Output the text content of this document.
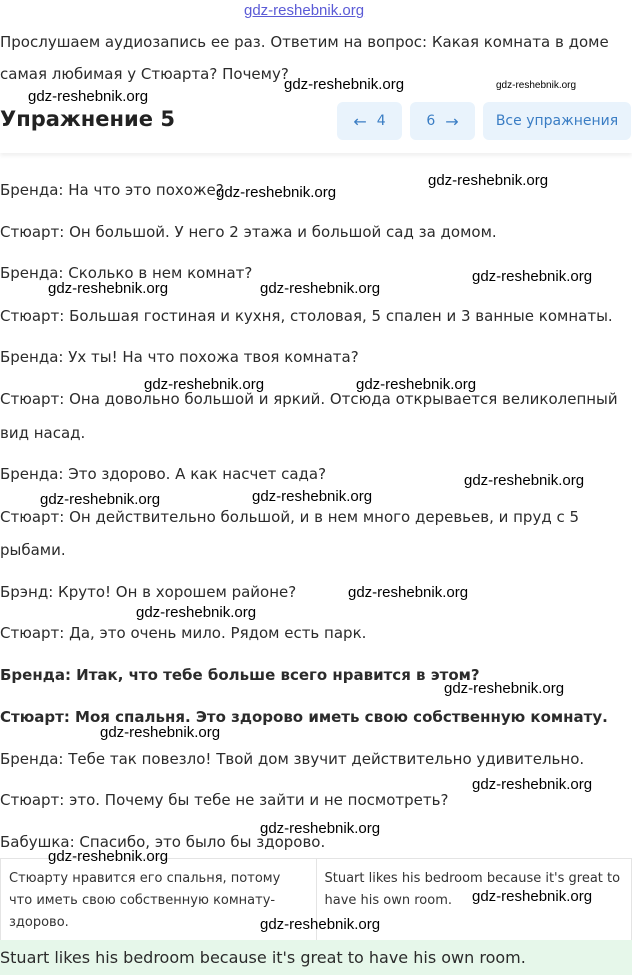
gdz-reshebnik.org
Прослушаем аудиозапись ее раз. Ответим на вопрос: Какая комната в доме
самая любимая у Стюарта? Почему?
Упражнение 5	← 4	6 →	Все упражнения
Бренда: На что это похоже?
Стюарт: Он большой. У него 2 этажа и большой сад за домом.
Бренда: Сколько в нем комнат?
Стюарт: Большая гостиная и кухня, столовая, 5 спален и 3 ванные комнаты.
Бренда: Ух ты! На что похожа твоя комната?
Стюарт: Она довольно большой и яркий. Отсюда открывается великолепный
вид насад.
Бренда: Это здорово. А как насчет сада?
Стюарт: Он действительно большой, и в нем много деревьев, и пруд с 5
рыбами.
Брэнд: Круто! Он в хорошем районе?
Стюарт: Да, это очень мило. Рядом есть парк.
Бренда: Итак, что тебе больше всего нравится в этом?
Стюарт: Моя спальня. Это здорово иметь свою собственную комнату.
Бренда: Тебе так повезло! Твой дом звучит действительно удивительно.
Стюарт: это. Почему бы тебе не зайти и не посмотреть?
Бабушка: Спасибо, это было бы здорово.
Стюарту нравится его спальня, потому что иметь свою собственную комнату-здорово.	Stuart likes his bedroom because it's great to have his own room.
Stuart likes his bedroom because it's great to have his own room.
gdz-reshebnik.org
gdz-reshebnik.org	gdz-reshebnik.org
gdz-reshebnik.org
gdz-reshebnik.org
gdz-reshebnik.org
gdz-reshebnik.org	gdz-reshebnik.org
gdz-reshebnik.org	gdz-reshebnik.org
gdz-reshebnik.org
gdz-reshebnik.org	gdz-reshebnik.org
gdz-reshebnik.org
gdz-reshebnik.org
gdz-reshebnik.org
gdz-reshebnik.org
gdz-reshebnik.org
gdz-reshebnik.org
gdz-reshebnik.org
gdz-reshebnik.org
gdz-reshebnik.org
